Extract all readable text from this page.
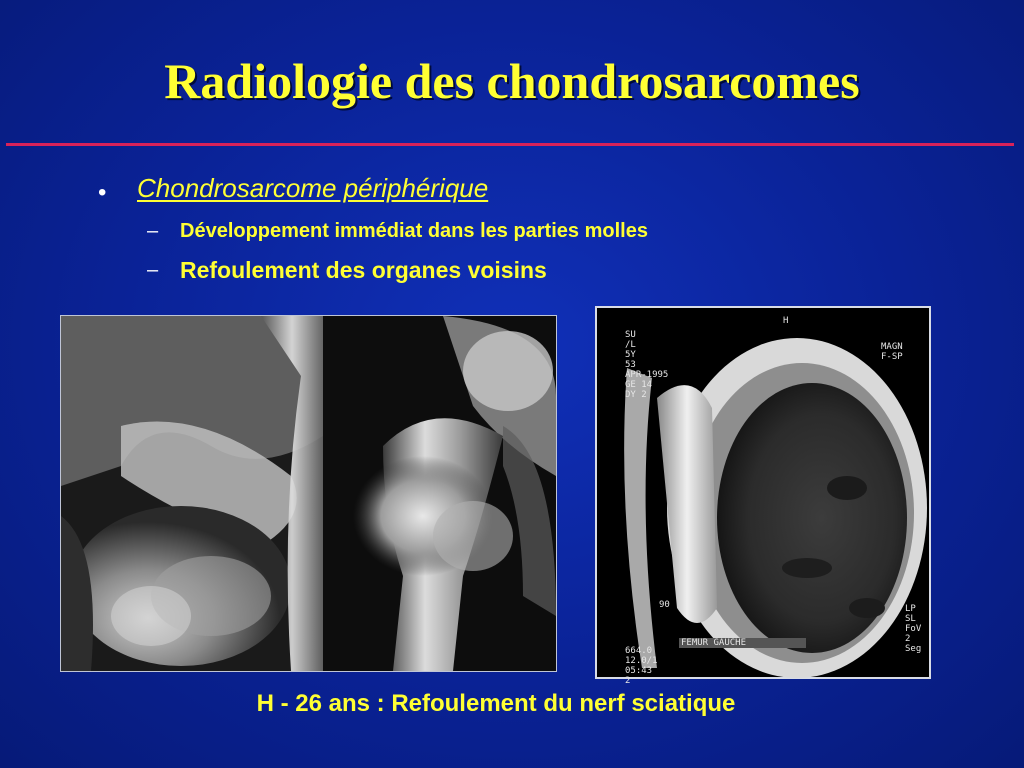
Radiologie des chondrosarcomes
• Chondrosarcome périphérique
– Développement immédiat dans les parties molles
– Refoulement des organes voisins

SU
/L
5Y
53
APR-1995
GE 14
DY 2

H

MAGN
F-SP

90

664.0
12.0/1
05:43
2

FEMUR GAUCHE

LP
SL
FoV
2
Seg

H - 26 ans : Refoulement du nerf sciatique
